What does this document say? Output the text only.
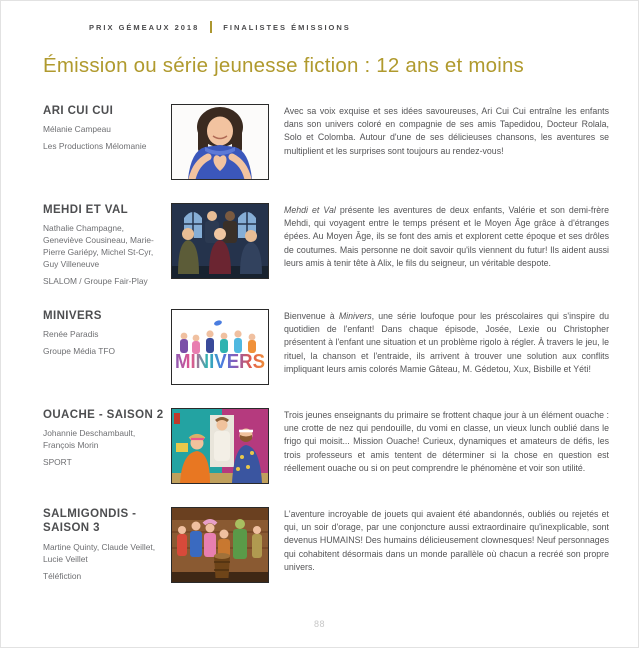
PRIX GÉMEAUX 2018	FINALISTES ÉMISSIONS
Émission ou série jeunesse fiction : 12 ans et moins
ARI CUI CUI

Mélanie Campeau

Les Productions Mélomanie

Avec sa voix exquise et ses idées savoureuses, Ari Cui Cui entraîne les enfants dans son univers coloré en compagnie de ses amis Tapedidou, Docteur Rolala, Solo et Colomba. Autour d'une de ses délicieuses chansons, les aventures se multiplient et les surprises sont toujours au rendez-vous!

MEHDI ET VAL

Nathalie Champagne, Geneviève Cousineau, Marie-Pierre Gariépy, Michel St-Cyr, Guy Villeneuve

SLALOM / Groupe Fair-Play

Mehdi et Val présente les aventures de deux enfants, Valérie et son demi-frère Mehdi, qui voyagent entre le temps présent et le Moyen Âge grâce à d'étranges épées. Au Moyen Âge, ils se font des amis et explorent cette époque et ses drôles de coutumes. Mais personne ne doit savoir qu'ils viennent du futur! Ils aident aussi leurs amis à tenir tête à Alix, le fils du seigneur, un véritable despote.

MINIVERS

Renée Paradis

Groupe Média TFO	MINIVERS

Bienvenue à Minivers, une série loufoque pour les préscolaires qui s'inspire du quotidien de l'enfant! Dans chaque épisode, Josée, Lexie ou Christopher présentent à l'enfant une situation et un problème rigolo à régler. À travers le jeu, le rituel, la chanson et l'entraide, ils arrivent à trouver une solution aux conflits impliquant leurs amis colorés Mamie Gâteau, M. Gédetou, Xux, Bisbille et Yéti!

OUACHE - SAISON 2

Johannie Deschambault, François Morin

SPORT

Trois jeunes enseignants du primaire se frottent chaque jour à un élément ouache : une crotte de nez qui pendouille, du vomi en classe, un vieux lunch oublié dans le frigo qui moisit... Mission Ouache! Curieux, dynamiques et amateurs de défis, les trois professeurs et amis tentent de déterminer si la chose en question est réellement ouache ou si on peut comprendre le phénomène et voir son utilité.

SALMIGONDIS - SAISON 3

Martine Quinty, Claude Veillet, Lucie Veillet

Téléfiction

L'aventure incroyable de jouets qui avaient été abandonnés, oubliés ou rejetés et qui, un soir d'orage, par une conjoncture aussi extraordinaire qu'inexplicable, sont devenus HUMAINS! Des humains délicieusement clownesques! Neuf personnages qui cohabitent désormais dans un monde parallèle où chacun a recréé son propre univers.

88
